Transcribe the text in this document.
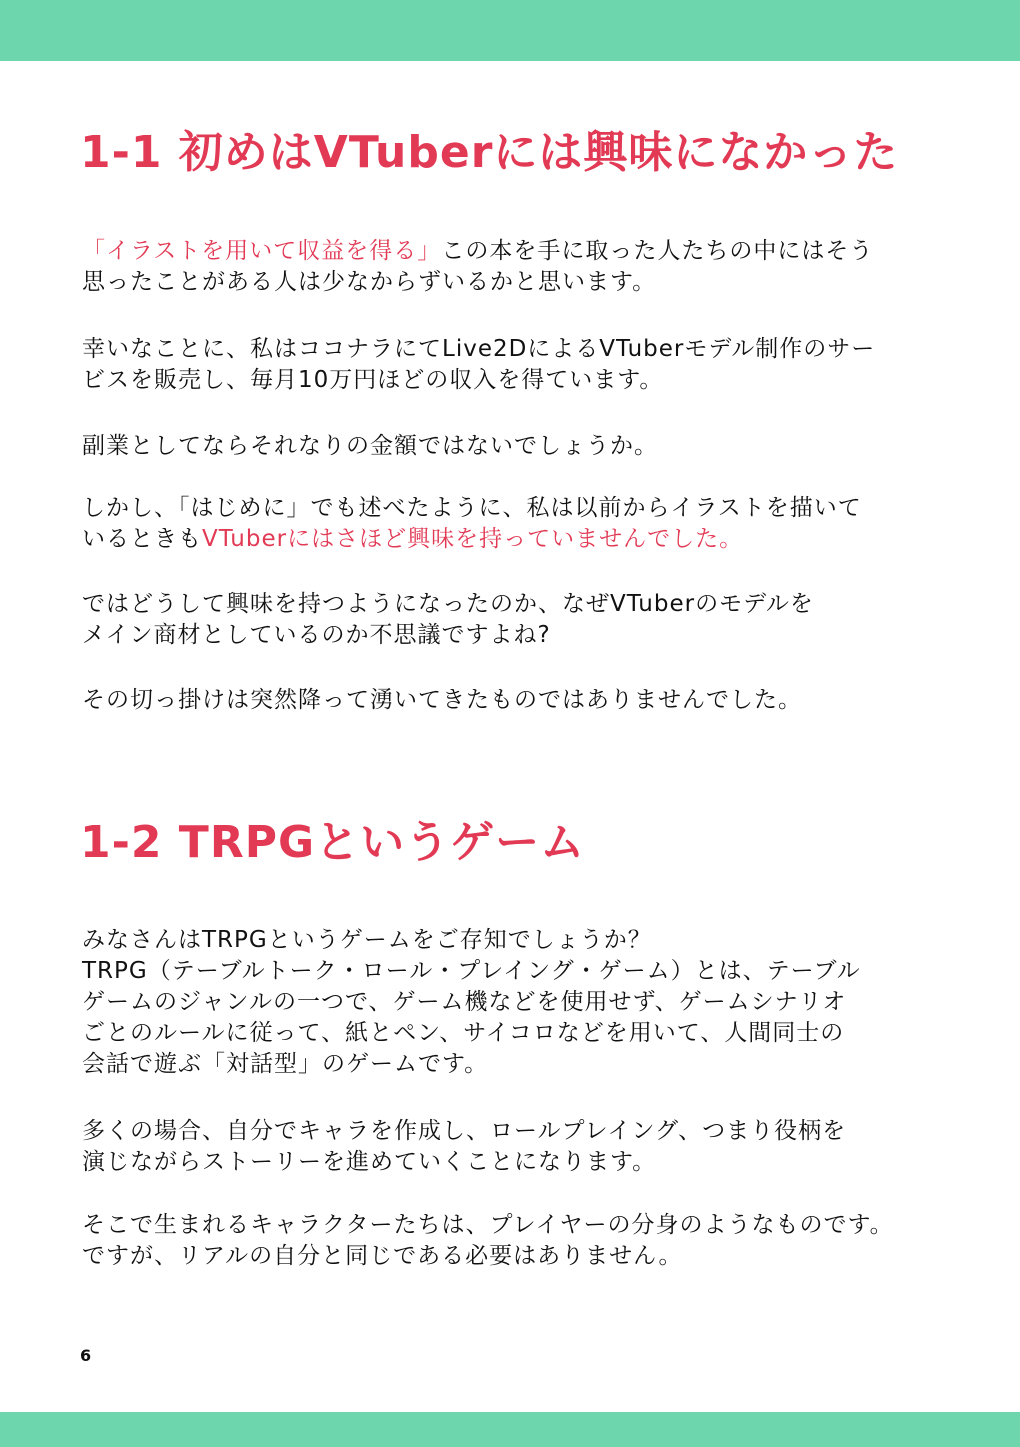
1-1 初めはVTuberには興味になかった

「イラストを用いて収益を得る」この本を手に取った人たちの中にはそう
思ったことがある人は少なからずいるかと思います。

幸いなことに、私はココナラにてLive2DによるVTuberモデル制作のサー
ビスを販売し、毎月10万円ほどの収入を得ています。

副業としてならそれなりの金額ではないでしょうか。

しかし、「はじめに」でも述べたように、私は以前からイラストを描いて
いるときもVTuberにはさほど興味を持っていませんでした。

ではどうして興味を持つようになったのか、なぜVTuberのモデルを
メイン商材としているのか不思議ですよね?

その切っ掛けは突然降って湧いてきたものではありませんでした。

1-2 TRPGというゲーム

みなさんはTRPGというゲームをご存知でしょうか？
TRPG（テーブルトーク・ロール・プレイング・ゲーム）とは、テーブル
ゲームのジャンルの一つで、ゲーム機などを使用せず、ゲームシナリオ
ごとのルールに従って、紙とペン、サイコロなどを用いて、人間同士の
会話で遊ぶ「対話型」のゲームです。

多くの場合、自分でキャラを作成し、ロールプレイング、つまり役柄を
演じながらストーリーを進めていくことになります。

そこで生まれるキャラクターたちは、プレイヤーの分身のようなものです。
ですが、リアルの自分と同じである必要はありません。

6
